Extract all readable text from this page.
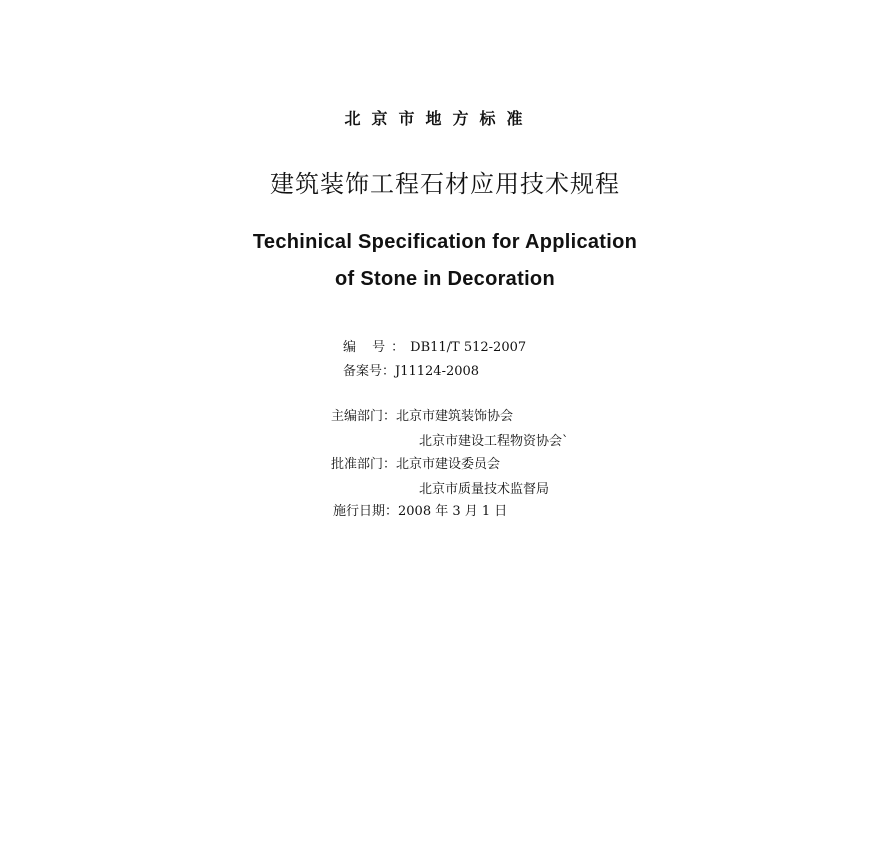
北京市地方标准
建筑装饰工程石材应用技术规程
Techinical Specification for Application
of Stone in Decoration
编 号：DB11/T 512-2007
备案号：J11124-2008
主编部门：北京市建筑装饰协会
北京市建设工程物资协会`
批准部门：北京市建设委员会
北京市质量技术监督局
施行日期：2008 年 3 月 1 日
